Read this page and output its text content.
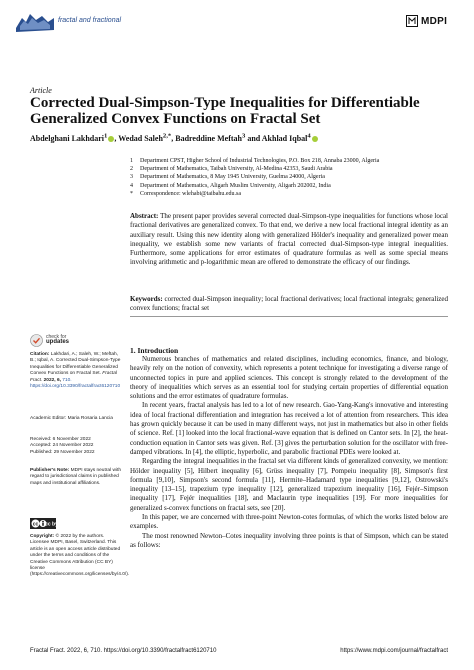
fractal and fractional	MDPI
Article
Corrected Dual-Simpson-Type Inequalities for Differentiable Generalized Convex Functions on Fractal Set
Abdelghani Lakhdari$^1$ , Wedad Saleh$^{2,*}$, Badreddine Meftah$^3$ and Akhlad Iqbal$^4$
1	Department CPST, Higher School of Industrial Technologies, P.O. Box 218, Annaba 23000, Algeria
2	Department of Mathematics, Taibah University, Al-Medina 42353, Saudi Arabia
3	Department of Mathematics, 8 May 1945 University, Guelma 24000, Algeria
4	Department of Mathematics, Aligarh Muslim University, Aligarh 202002, India
*	Correspondence: wlehabi@taibahu.edu.sa
Abstract: The present paper provides several corrected dual-Simpson-type inequalities for functions whose local fractional derivatives are generalized convex. To that end, we derive a new local fractional integral identity as an auxiliary result. Using this new identity along with generalized Hölder's inequality and generalized power mean inequality, we establish some new variants of fractal corrected dual-Simpson-type integral inequalities. Furthermore, some applications for error estimates of quadrature formulas as well as some special means involving arithmetic and p-logarithmic mean are offered to demonstrate the efficacy of our findings.
Keywords: corrected dual-Simpson inequality; local fractional derivatives; local fractional integrals; generalized convex functions; fractal set
check for
updates
Citation: Lakhdari, A.; Saleh, W.; Meftah, B.; Iqbal, A. Corrected Dual-Simpson-Type Inequalities for Differentiable Generalized Convex Functions on Fractal Set. Fractal Fract. 2022, 6, 710. https://doi.org/10.3390/fractalfract6120710
Academic Editor: Maria Rosaria Lancia
Received: 6 November 2022
Accepted: 24 November 2022
Published: 29 November 2022
Publisher's Note: MDPI stays neutral with regard to jurisdictional claims in published maps and institutional affiliations.
cc cc by
Copyright: © 2022 by the authors. Licensee MDPI, Basel, Switzerland. This article is an open access article distributed under the terms and conditions of the Creative Commons Attribution (CC BY) license (https://creativecommons.org/licenses/by/4.0/).
1. Introduction

Numerous branches of mathematics and related disciplines, including economics, finance, and biology, heavily rely on the notion of convexity, which represents a potent technique for investigating a diverse range of unconnected topics in pure and applied sciences. This concept is strongly related to the development of the theory of inequalities which serves as an essential tool for studying certain properties of differential equation solutions and the error estimates of quadrature formulas.

In recent years, fractal analysis has led to a lot of new research. Gao-Yang-Kang's innovative and interesting idea of local fractional differentiation and integration has received a lot of attention from researchers. This idea has grown quickly because it can be used in many different ways, not just in mathematics but also in other fields of science. Ref. [1] looked into the local fractional-wave equation that is defined on Cantor sets. In [2], the heat-conduction equation in Cantor sets was given. Ref. [3] gives the perturbation solution for the oscillator with free-damped vibrations. In [4], the elliptic, hyperbolic, and parabolic fractional PDEs were looked at.

Regarding the integral inequalities in the fractal set via different kinds of generalized convexity, we mention: Hölder inequality [5], Hilbert inequality [6], Grüss inequality [7], Pompeiu inequality [8], Simpson's first formula [9,10], Simpson's second formula [11], Hermite–Hadamard type inequalities [9,12], Ostrowski's inequality [13–15], trapezium type inequality [12], generalized trapezium inequality [16], Fejér–Simpson inequality [17], Fejér inequalities [18], and Maclaurin type inequalities [19]. For more inequalities for generalized s-convex functions on fractal sets, see [20].

In this paper, we are concerned with three-point Newton-cotes formulas, of which the works listed below are examples.

The most renowned Newton–Cotes inequality involving three points is that of Simpson, which can be stated as follows:

Fractal Fract. 2022, 6, 710. https://doi.org/10.3390/fractalfract6120710	https://www.mdpi.com/journal/fractalfract
